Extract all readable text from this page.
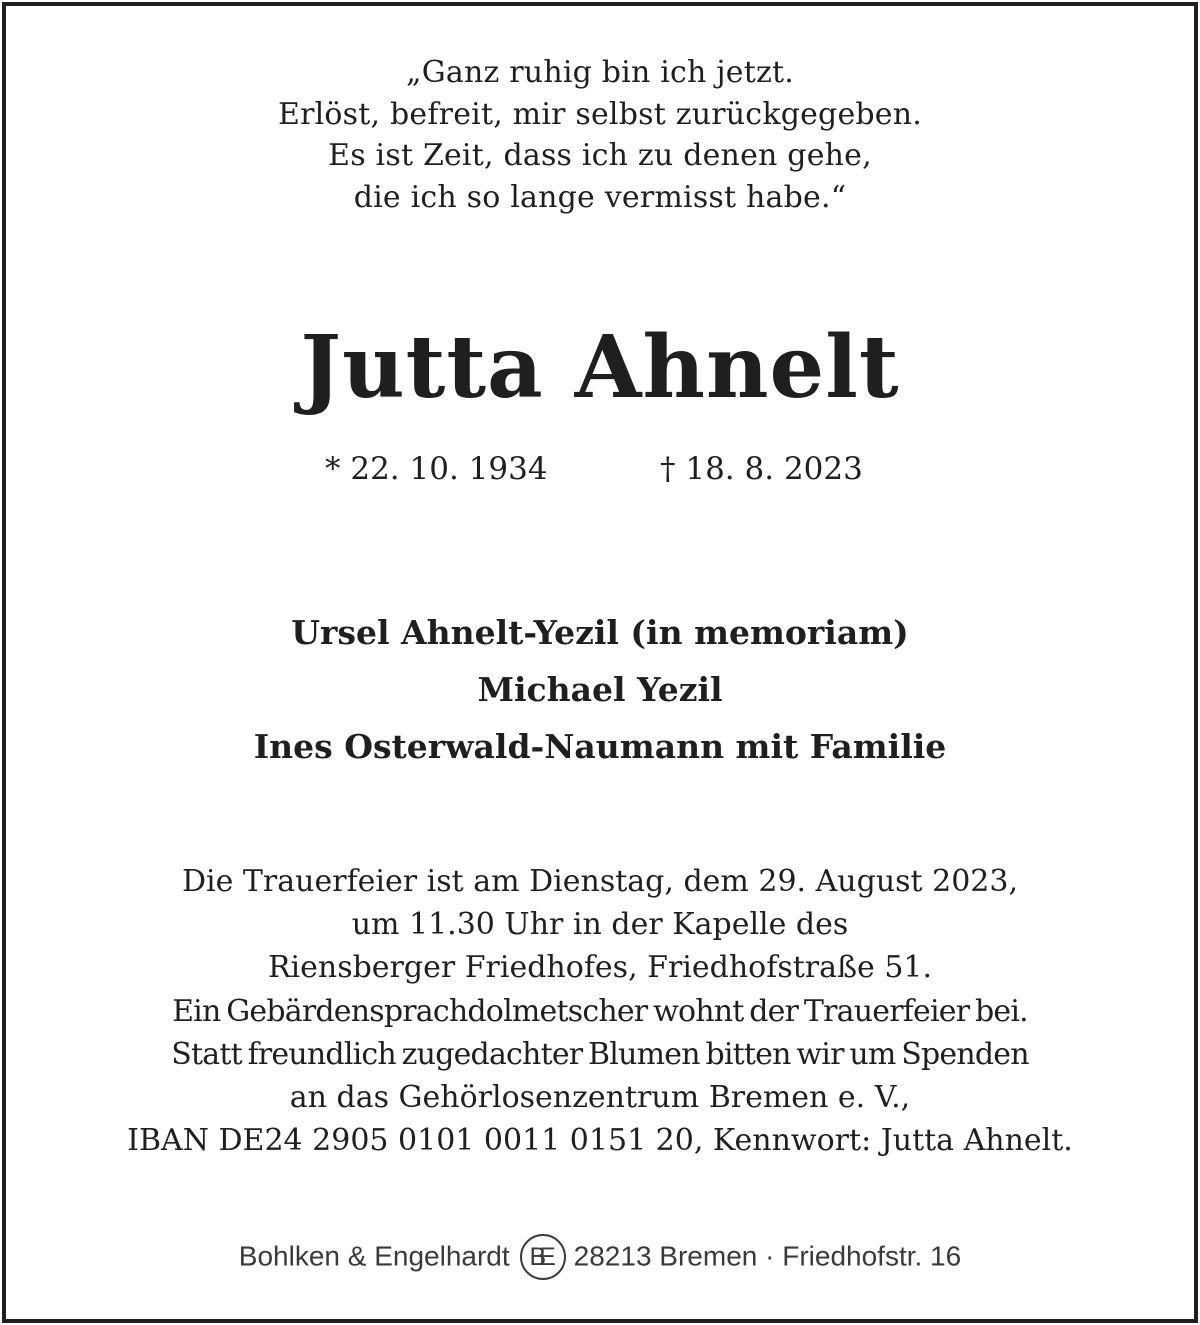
„Ganz ruhig bin ich jetzt.
Erlöst, befreit, mir selbst zurückgegeben.
Es ist Zeit, dass ich zu denen gehe,
die ich so lange vermisst habe.“
Jutta Ahnelt
* 22. 10. 1934	† 18. 8. 2023
Ursel Ahnelt-Yezil (in memoriam)
Michael Yezil
Ines Osterwald-Naumann mit Familie
Die Trauerfeier ist am Dienstag, dem 29. August 2023,
um 11.30 Uhr in der Kapelle des
Riensberger Friedhofes, Friedhofstraße 51.
Ein Gebärdensprachdolmetscher wohnt der Trauerfeier bei.
Statt freundlich zugedachter Blumen bitten wir um Spenden
an das Gehörlosenzentrum Bremen e. V.,
IBAN DE24 2905 0101 0011 0151 20, Kennwort: Jutta Ahnelt.
Bohlken & Engelhardt BE 28213 Bremen · Friedhofstr. 16
